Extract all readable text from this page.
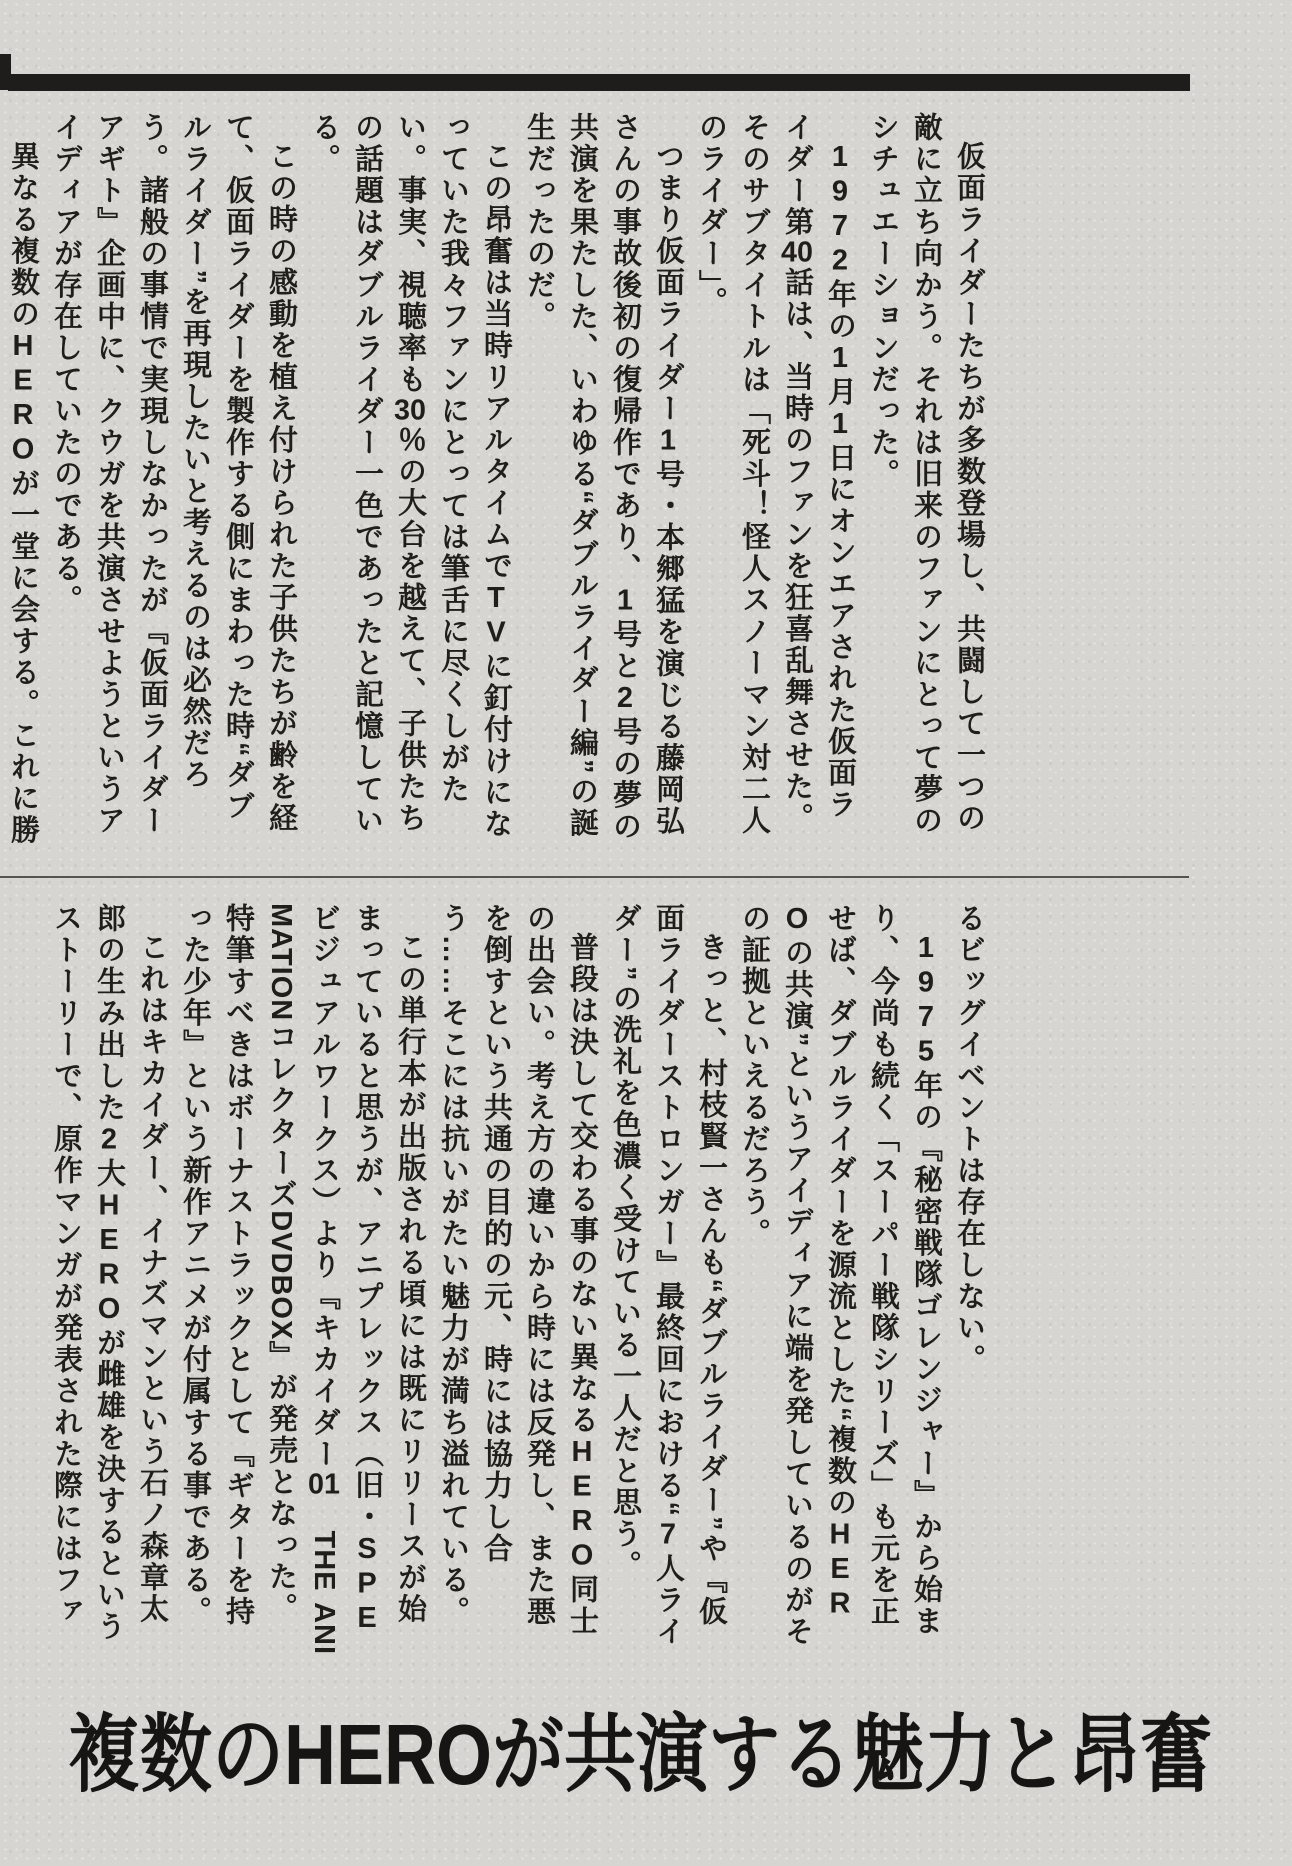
仮面ライダーたちが多数登場し、共闘して一つの敵に立ち向かう。それは旧来のファンにとって夢のシチュエーションだった。

1972年の1月1日にオンエアされた仮面ライダー第40話は、当時のファンを狂喜乱舞させた。そのサブタイトルは「死斗！怪人スノーマン対二人のライダー」。

つまり仮面ライダー1号・本郷猛を演じる藤岡弘さんの事故後初の復帰作であり、1号と2号の夢の共演を果たした、いわゆる“ダブルライダー編”の誕生だったのだ。

この昂奮は当時リアルタイムでTVに釘付けになっていた我々ファンにとっては筆舌に尽くしがたい。事実、視聴率も30％の大台を越えて、子供たちの話題はダブルライダー一色であったと記憶している。

この時の感動を植え付けられた子供たちが齢を経て、仮面ライダーを製作する側にまわった時“ダブルライダー”を再現したいと考えるのは必然だろう。諸般の事情で実現しなかったが『仮面ライダーアギト』企画中に、クウガを共演させようというアイディアが存在していたのである。

異なる複数のHEROが一堂に会する。これに勝

るビッグイベントは存在しない。

1975年の『秘密戦隊ゴレンジャー』から始まり、今尚も続く「スーパー戦隊シリーズ」も元を正せば、ダブルライダーを源流とした“複数のHEROの共演”というアイディアに端を発しているのがその証拠といえるだろう。

きっと、村枝賢一さんも“ダブルライダー”や『仮面ライダーストロンガー』最終回における“7人ライダー”の洗礼を色濃く受けている一人だと思う。

普段は決して交わる事のない異なるHERO同士の出会い。考え方の違いから時には反発し、また悪を倒すという共通の目的の元、時には協力し合う……そこには抗いがたい魅力が満ち溢れている。

この単行本が出版される頃には既にリリースが始まっていると思うが、アニプレックス（旧・SPEビジュアルワークス）より『キカイダー01　THE ANIMATIONコレクターズDVDBOX』が発売となった。特筆すべきはボーナストラックとして『ギターを持った少年』という新作アニメが付属する事である。

これはキカイダー、イナズマンという石ノ森章太郎の生み出した2大HEROが雌雄を決するというストーリーで、原作マンガが発表された際にはファ

複数のHEROが共演する魅力と昂奮
